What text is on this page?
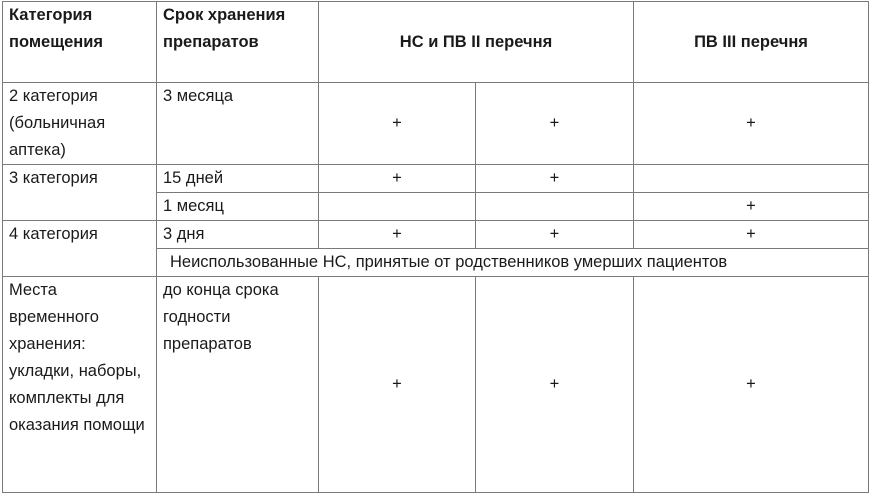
Категория помещения	Срок хранения препаратов	НС и ПВ II перечня		ПВ III перечня
2 категория (больничная аптека)	3 месяца	+	+	+
3 категория	15 дней	+	+	
	1 месяц			+
4 категория	3 дня	+	+	+
	Неиспользованные НС, принятые от родственников умерших пациентов			
Места временного хранения: укладки, наборы, комплекты для оказания помощи	до конца срока годности препаратов	+	+	+
